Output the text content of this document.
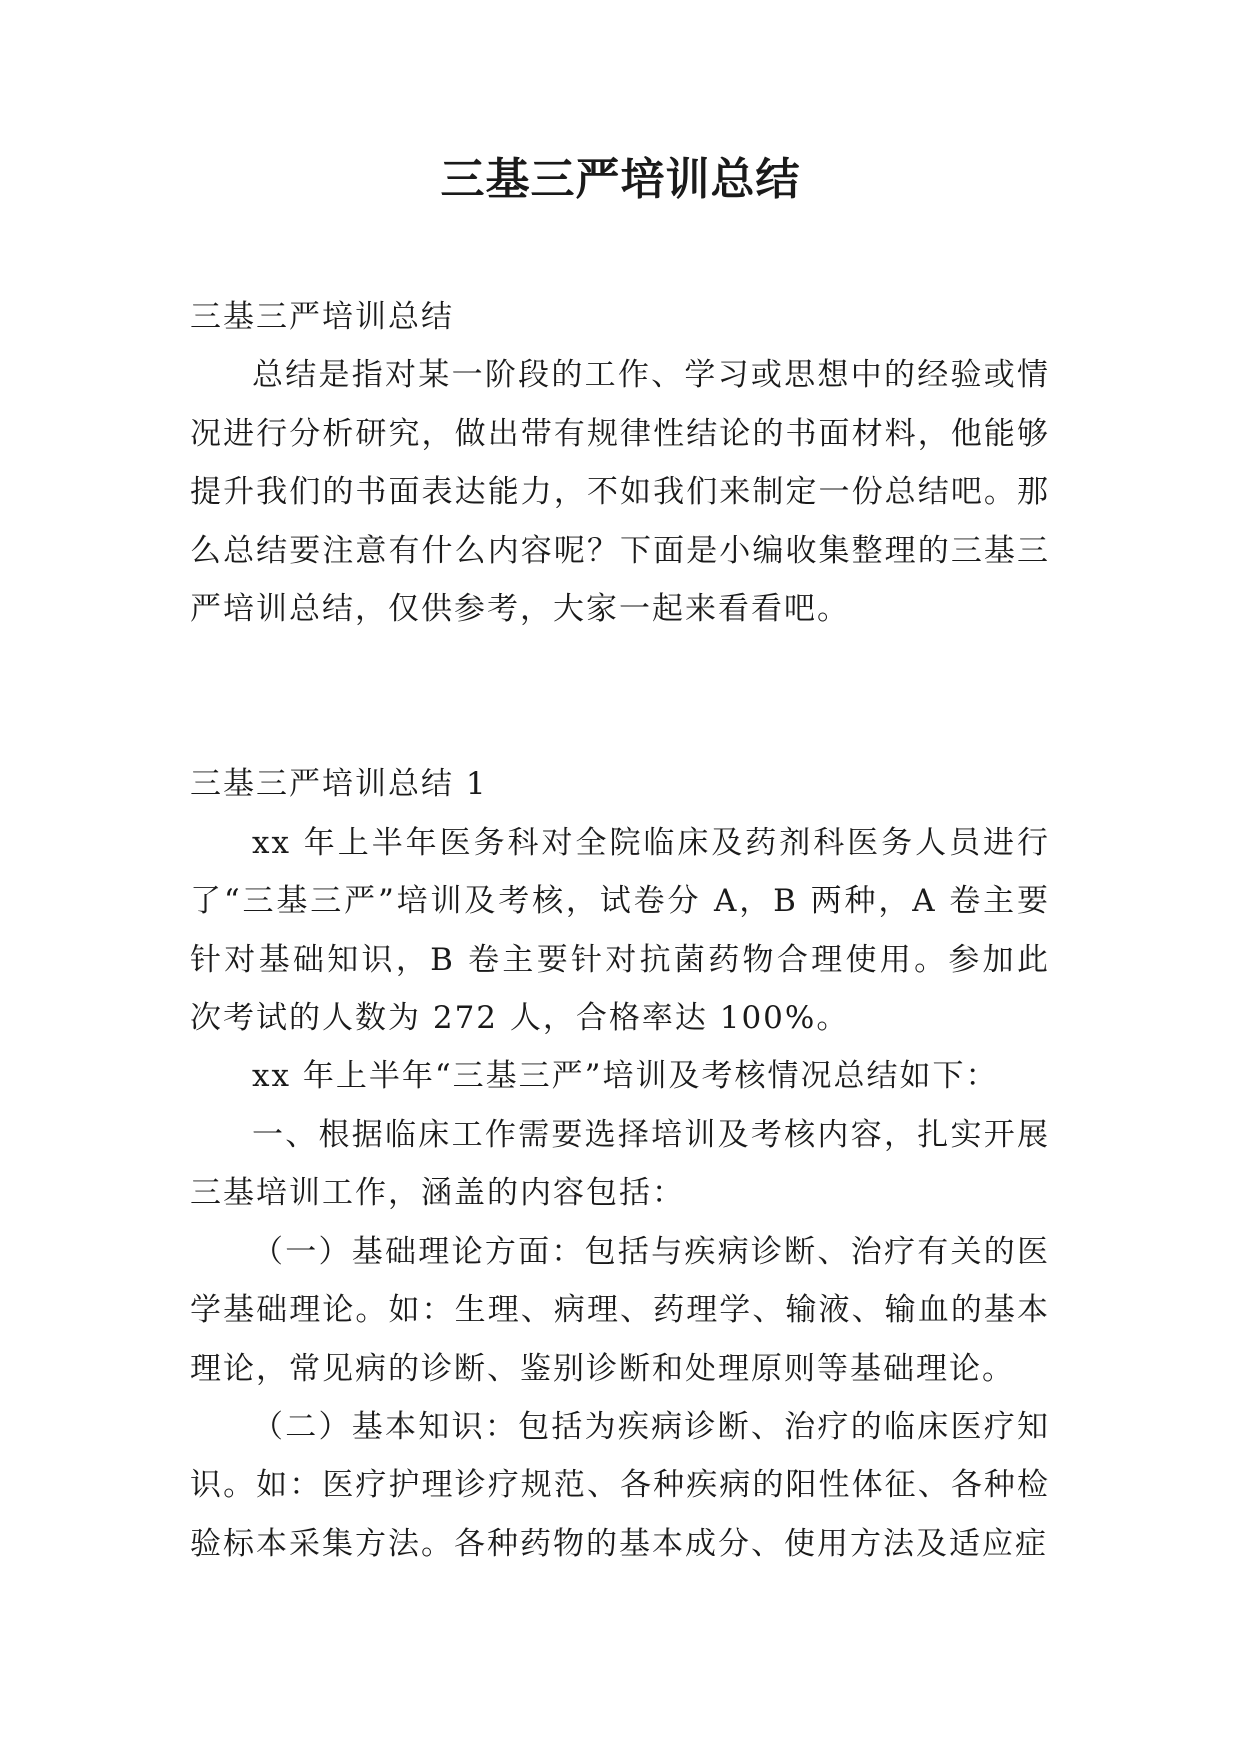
三基三严培训总结

三基三严培训总结

总结是指对某一阶段的工作、学习或思想中的经验或情况进行分析研究，做出带有规律性结论的书面材料，他能够提升我们的书面表达能力，不如我们来制定一份总结吧。那么总结要注意有什么内容呢？下面是小编收集整理的三基三严培训总结，仅供参考，大家一起来看看吧。

三基三严培训总结 1

xx 年上半年医务科对全院临床及药剂科医务人员进行了“三基三严”培训及考核，试卷分 A，B 两种，A 卷主要针对基础知识，B 卷主要针对抗菌药物合理使用。参加此次考试的人数为 272 人，合格率达 100%。

xx 年上半年“三基三严”培训及考核情况总结如下：

一、根据临床工作需要选择培训及考核内容，扎实开展三基培训工作，涵盖的内容包括：

（一）基础理论方面：包括与疾病诊断、治疗有关的医学基础理论。如：生理、病理、药理学、输液、输血的基本理论，常见病的诊断、鉴别诊断和处理原则等基础理论。

（二）基本知识：包括为疾病诊断、治疗的临床医疗知识。如：医疗护理诊疗规范、各种疾病的阳性体征、各种检验标本采集方法。各种药物的基本成分、使用方法及适应症
